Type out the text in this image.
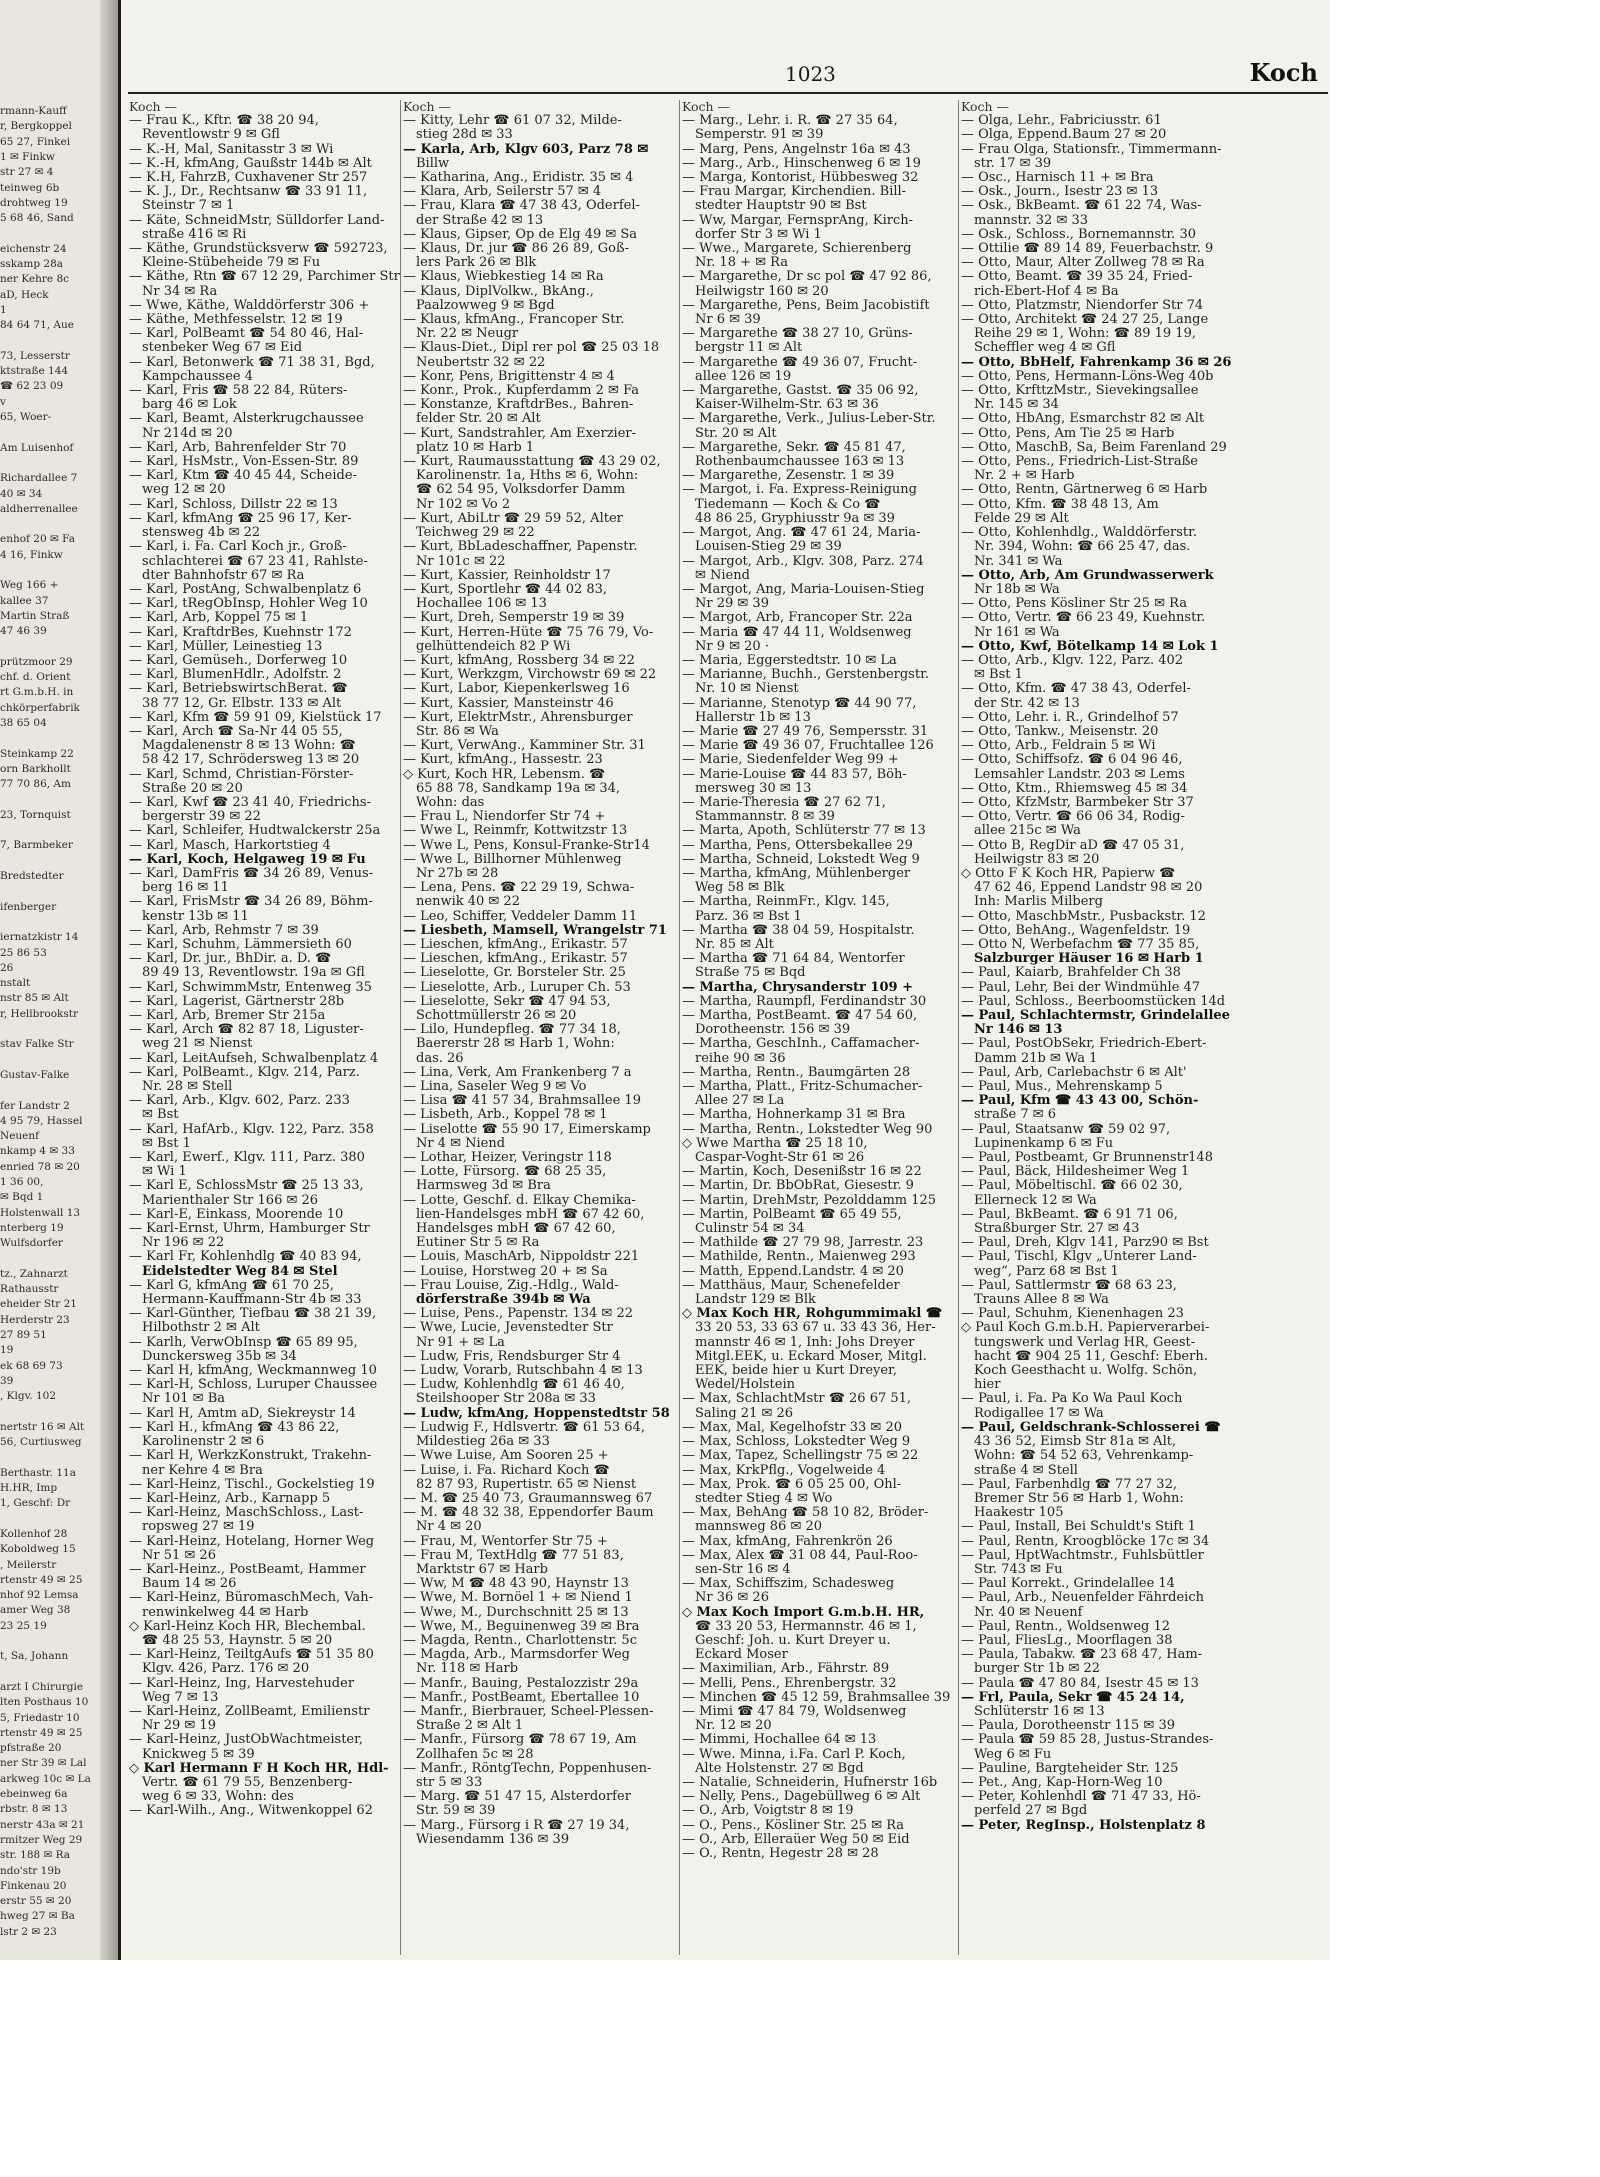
rmann-Kauff
r, Bergkoppel
65 27, Finkei
1 ✉ Finkw
str 27 ✉ 4
teinweg 6b
drohtweg 19
5 68 46, Sand
eichenstr 24
sskamp 28a
ner Kehre 8c
aD, Heck
1
84 64 71, Aue
73, Lesserstr
ktstraße 144
☎ 62 23 09
v
65, Woer-
Am Luisenhof
Richardallee 7
40 ✉ 34
aldherrenallee
enhof 20 ✉ Fa
4 16, Finkw
Weg 166 +
kallee 37
Martin Straß
47 46 39
prützmoor 29
chf. d. Orient
rt G.m.b.H. in
chkörperfabrik
38 65 04
Steinkamp 22
orn Barkhollt
77 70 86, Am
23, Tornquist
7, Barmbeker
Bredstedter
ifenberger
iernatzkistr 14
25 86 53
26
nstalt
nstr 85 ✉ Alt
r, Hellbrookstr
stav Falke Str
Gustav-Falke
fer Landstr 2
4 95 79, Hassel
Neuenf
nkamp 4 ✉ 33
enried 78 ✉ 20
1 36 00,
✉ Bqd 1
Holstenwall 13
nterberg 19
Wulfsdorfer
tz., Zahnarzt
Rathausstr
eheider Str 21
Herderstr 23
27 89 51
19
ek 68 69 73
39
, Klgv. 102
nertstr 16 ✉ Alt
56, Curtiusweg
Berthastr. 11a
H.HR, Imp
1, Geschf: Dr
Kollenhof 28
Koboldweg 15
, Meilerstr
rtenstr 49 ✉ 25
nhof 92 Lemsa
amer Weg 38
23 25 19
t, Sa, Johann
arzt I Chirurgie
lten Posthaus 10
5, Friedastr 10
rtenstr 49 ✉ 25
pfstraße 20
ner Str 39 ✉ Lal
arkweg 10c ✉ La
ebeinweg 6a
rbstr. 8 ✉ 13
nerstr 43a ✉ 21
rmitzer Weg 29
str. 188 ✉ Ra
ndo'str 19b
Finkenau 20
erstr 55 ✉ 20
hweg 27 ✉ Ba
lstr 2 ✉ 23
1023	Koch
Koch —
— Frau K., Kftr. ☎ 38 20 94,
Reventlowstr 9 ✉ Gfl
— K.-H, Mal, Sanitasstr 3 ✉ Wi
— K.-H, kfmAng, Gaußstr 144b ✉ Alt
— K.H, FahrzB, Cuxhavener Str 257
— K. J., Dr., Rechtsanw ☎ 33 91 11,
Steinstr 7 ✉ 1
— Käte, SchneidMstr, Sülldorfer Land-
straße 416 ✉ Ri
— Käthe, Grundstücksverw ☎ 592723,
Kleine-Stübeheide 79 ✉ Fu
— Käthe, Rtn ☎ 67 12 29, Parchimer Str
Nr 34 ✉ Ra
— Wwe, Käthe, Walddörferstr 306 +
— Käthe, Methfesselstr. 12 ✉ 19
— Karl, PolBeamt ☎ 54 80 46, Hal-
stenbeker Weg 67 ✉ Eid
— Karl, Betonwerk ☎ 71 38 31, Bgd,
Kampchaussee 4
— Karl, Fris ☎ 58 22 84, Rüters-
barg 46 ✉ Lok
— Karl, Beamt, Alsterkrugchaussee
Nr 214d ✉ 20
— Karl, Arb, Bahrenfelder Str 70
— Karl, HsMstr., Von-Essen-Str. 89
— Karl, Ktm ☎ 40 45 44, Scheide-
weg 12 ✉ 20
— Karl, Schloss, Dillstr 22 ✉ 13
— Karl, kfmAng ☎ 25 96 17, Ker-
stensweg 4b ✉ 22
— Karl, i. Fa. Carl Koch jr., Groß-
schlachterei ☎ 67 23 41, Rahlste-
dter Bahnhofstr 67 ✉ Ra
— Karl, PostAng, Schwalbenplatz 6
— Karl, tRegObInsp, Hohler Weg 10
— Karl, Arb, Koppel 75 ✉ 1
— Karl, KraftdrBes, Kuehnstr 172
— Karl, Müller, Leinestieg 13
— Karl, Gemüseh., Dorferweg 10
— Karl, BlumenHdlr., Adolfstr. 2
— Karl, BetriebswirtschBerat. ☎
38 77 12, Gr. Elbstr. 133 ✉ Alt
— Karl, Kfm ☎ 59 91 09, Kielstück 17
— Karl, Arch ☎ Sa-Nr 44 05 55,
Magdalenenstr 8 ✉ 13 Wohn: ☎
58 42 17, Schrödersweg 13 ✉ 20
— Karl, Schmd, Christian-Förster-
Straße 20 ✉ 20
— Karl, Kwf ☎ 23 41 40, Friedrichs-
bergerstr 39 ✉ 22
— Karl, Schleifer, Hudtwalckerstr 25a
— Karl, Masch, Harkortstieg 4
— Karl, Koch, Helgaweg 19 ✉ Fu
— Karl, DamFris ☎ 34 26 89, Venus-
berg 16 ✉ 11
— Karl, FrisMstr ☎ 34 26 89, Böhm-
kenstr 13b ✉ 11
— Karl, Arb, Rehmstr 7 ✉ 39
— Karl, Schuhm, Lämmersieth 60
— Karl, Dr. jur., BhDir. a. D. ☎
89 49 13, Reventlowstr. 19a ✉ Gfl
— Karl, SchwimmMstr, Entenweg 35
— Karl, Lagerist, Gärtnerstr 28b
— Karl, Arb, Bremer Str 215a
— Karl, Arch ☎ 82 87 18, Liguster-
weg 21 ✉ Nienst
— Karl, LeitAufseh, Schwalbenplatz 4
— Karl, PolBeamt., Klgv. 214, Parz.
Nr. 28 ✉ Stell
— Karl, Arb., Klgv. 602, Parz. 233
✉ Bst
— Karl, HafArb., Klgv. 122, Parz. 358
✉ Bst 1
— Karl, Ewerf., Klgv. 111, Parz. 380
✉ Wi 1
— Karl E, SchlossMstr ☎ 25 13 33,
Marienthaler Str 166 ✉ 26
— Karl-E, Einkass, Moorende 10
— Karl-Ernst, Uhrm, Hamburger Str
Nr 196 ✉ 22
— Karl Fr, Kohlenhdlg ☎ 40 83 94,
Eidelstedter Weg 84 ✉ Stel
— Karl G, kfmAng ☎ 61 70 25,
Hermann-Kauffmann-Str 4b ✉ 33
— Karl-Günther, Tiefbau ☎ 38 21 39,
Hilbothstr 2 ✉ Alt
— Karlh, VerwObInsp ☎ 65 89 95,
Dunckersweg 35b ✉ 34
— Karl H, kfmAng, Weckmannweg 10
— Karl-H, Schloss, Luruper Chaussee
Nr 101 ✉ Ba
— Karl H, Amtm aD, Siekreystr 14
— Karl H., kfmAng ☎ 43 86 22,
Karolinenstr 2 ✉ 6
— Karl H, WerkzKonstrukt, Trakehn-
ner Kehre 4 ✉ Bra
— Karl-Heinz, Tischl., Gockelstieg 19
— Karl-Heinz, Arb., Karnapp 5
— Karl-Heinz, MaschSchloss., Last-
ropsweg 27 ✉ 19
— Karl-Heinz, Hotelang, Horner Weg
Nr 51 ✉ 26
— Karl-Heinz., PostBeamt, Hammer
Baum 14 ✉ 26
— Karl-Heinz, BüromaschMech, Vah-
renwinkelweg 44 ✉ Harb
◇ Karl-Heinz Koch HR, Blechembal.
☎ 48 25 53, Haynstr. 5 ✉ 20
— Karl-Heinz, TeiltgAufs ☎ 51 35 80
Klgv. 426, Parz. 176 ✉ 20
— Karl-Heinz, Ing, Harvestehuder
Weg 7 ✉ 13
— Karl-Heinz, ZollBeamt, Emilienstr
Nr 29 ✉ 19
— Karl-Heinz, JustObWachtmeister,
Knickweg 5 ✉ 39
◇ Karl Hermann F H Koch HR, Hdl-
Vertr. ☎ 61 79 55, Benzenberg-
weg 6 ✉ 33, Wohn: des
— Karl-Wilh., Ang., Witwenkoppel 62
Koch —
— Kitty, Lehr ☎ 61 07 32, Milde-
stieg 28d ✉ 33
— Karla, Arb, Klgv 603, Parz 78 ✉
Billw
— Katharina, Ang., Eridistr. 35 ✉ 4
— Klara, Arb, Seilerstr 57 ✉ 4
— Frau, Klara ☎ 47 38 43, Oderfel-
der Straße 42 ✉ 13
— Klaus, Gipser, Op de Elg 49 ✉ Sa
— Klaus, Dr. jur ☎ 86 26 89, Goß-
lers Park 26 ✉ Blk
— Klaus, Wiebkestieg 14 ✉ Ra
— Klaus, DiplVolkw., BkAng.,
Paalzowweg 9 ✉ Bgd
— Klaus, kfmAng., Francoper Str.
Nr. 22 ✉ Neugr
— Klaus-Diet., Dipl rer pol ☎ 25 03 18
Neubertstr 32 ✉ 22
— Konr, Pens, Brigittenstr 4 ✉ 4
— Konr., Prok., Kupferdamm 2 ✉ Fa
— Konstanze, KraftdrBes., Bahren-
felder Str. 20 ✉ Alt
— Kurt, Sandstrahler, Am Exerzier-
platz 10 ✉ Harb 1
— Kurt, Raumausstattung ☎ 43 29 02,
Karolinenstr. 1a, Hths ✉ 6, Wohn:
☎ 62 54 95, Volksdorfer Damm
Nr 102 ✉ Vo 2
— Kurt, AbiLtr ☎ 29 59 52, Alter
Teichweg 29 ✉ 22
— Kurt, BbLadeschaffner, Papenstr.
Nr 101c ✉ 22
— Kurt, Kassier, Reinholdstr 17
— Kurt, Sportlehr ☎ 44 02 83,
Hochallee 106 ✉ 13
— Kurt, Dreh, Semperstr 19 ✉ 39
— Kurt, Herren-Hüte ☎ 75 76 79, Vo-
gelhüttendeich 82 P Wi
— Kurt, kfmAng, Rossberg 34 ✉ 22
— Kurt, Werkzgm, Virchowstr 69 ✉ 22
— Kurt, Labor, Kiepenkerlsweg 16
— Kurt, Kassier, Mansteinstr 46
— Kurt, ElektrMstr., Ahrensburger
Str. 86 ✉ Wa
— Kurt, VerwAng., Kamminer Str. 31
— Kurt, kfmAng., Hassestr. 23
◇ Kurt, Koch HR, Lebensm. ☎
65 88 78, Sandkamp 19a ✉ 34,
Wohn: das
— Frau L, Niendorfer Str 74 +
— Wwe L, Reinmfr, Kottwitzstr 13
— Wwe L, Pens, Konsul-Franke-Str14
— Wwe L, Billhorner Mühlenweg
Nr 27b ✉ 28
— Lena, Pens. ☎ 22 29 19, Schwa-
nenwik 40 ✉ 22
— Leo, Schiffer, Veddeler Damm 11
— Liesbeth, Mamsell, Wrangelstr 71
— Lieschen, kfmAng., Erikastr. 57
— Lieschen, kfmAng., Erikastr. 57
— Lieselotte, Gr. Borsteler Str. 25
— Lieselotte, Arb., Luruper Ch. 53
— Lieselotte, Sekr ☎ 47 94 53,
Schottmüllerstr 26 ✉ 20
— Lilo, Hundepfleg. ☎ 77 34 18,
Baererstr 28 ✉ Harb 1, Wohn:
das. 26
— Lina, Verk, Am Frankenberg 7 a
— Lina, Saseler Weg 9 ✉ Vo
— Lisa ☎ 41 57 34, Brahmsallee 19
— Lisbeth, Arb., Koppel 78 ✉ 1
— Liselotte ☎ 55 90 17, Eimerskamp
Nr 4 ✉ Niend
— Lothar, Heizer, Veringstr 118
— Lotte, Fürsorg. ☎ 68 25 35,
Harmsweg 3d ✉ Bra
— Lotte, Geschf. d. Elkay Chemika-
lien-Handelsges mbH ☎ 67 42 60,
Handelsges mbH ☎ 67 42 60,
Eutiner Str 5 ✉ Ra
— Louis, MaschArb, Nippoldstr 221
— Louise, Horstweg 20 + ✉ Sa
— Frau Louise, Zig.-Hdlg., Wald-
dörferstraße 394b ✉ Wa
— Luise, Pens., Papenstr. 134 ✉ 22
— Wwe, Lucie, Jevenstedter Str
Nr 91 + ✉ La
— Ludw, Fris, Rendsburger Str 4
— Ludw, Vorarb, Rutschbahn 4 ✉ 13
— Ludw, Kohlenhdlg ☎ 61 46 40,
Steilshooper Str 208a ✉ 33
— Ludw, kfmAng, Hoppenstedtstr 58
— Ludwig F., Hdlsvertr. ☎ 61 53 64,
Mildestieg 26a ✉ 33
— Wwe Luise, Am Sooren 25 +
— Luise, i. Fa. Richard Koch ☎
82 87 93, Rupertistr. 65 ✉ Nienst
— M. ☎ 25 40 73, Graumannsweg 67
— M. ☎ 48 32 38, Eppendorfer Baum
Nr 4 ✉ 20
— Frau, M, Wentorfer Str 75 +
— Frau M, TextHdlg ☎ 77 51 83,
Marktstr 67 ✉ Harb
— Ww, M ☎ 48 43 90, Haynstr 13
— Wwe, M. Bornöel 1 + ✉ Niend 1
— Wwe, M., Durchschnitt 25 ✉ 13
— Wwe, M., Beguinenweg 39 ✉ Bra
— Magda, Rentn., Charlottenstr. 5c
— Magda, Arb., Marmsdorfer Weg
Nr. 118 ✉ Harb
— Manfr., Bauing, Pestalozzistr 29a
— Manfr., PostBeamt, Ebertallee 10
— Manfr., Bierbrauer, Scheel-Plessen-
Straße 2 ✉ Alt 1
— Manfr., Fürsorg ☎ 78 67 19, Am
Zollhafen 5c ✉ 28
— Manfr., RöntgTechn, Poppenhusen-
str 5 ✉ 33
— Marg. ☎ 51 47 15, Alsterdorfer
Str. 59 ✉ 39
— Marg., Fürsorg i R ☎ 27 19 34,
Wiesendamm 136 ✉ 39
Koch —
— Marg., Lehr. i. R. ☎ 27 35 64,
Semperstr. 91 ✉ 39
— Marg, Pens, Angelnstr 16a ✉ 43
— Marg., Arb., Hinschenweg 6 ✉ 19
— Marga, Kontorist, Hübbesweg 32
— Frau Margar, Kirchendien. Bill-
stedter Hauptstr 90 ✉ Bst
— Ww, Margar, FernsprAng, Kirch-
dorfer Str 3 ✉ Wi 1
— Wwe., Margarete, Schierenberg
Nr. 18 + ✉ Ra
— Margarethe, Dr sc pol ☎ 47 92 86,
Heilwigstr 160 ✉ 20
— Margarethe, Pens, Beim Jacobistift
Nr 6 ✉ 39
— Margarethe ☎ 38 27 10, Grüns-
bergstr 11 ✉ Alt
— Margarethe ☎ 49 36 07, Frucht-
allee 126 ✉ 19
— Margarethe, Gastst. ☎ 35 06 92,
Kaiser-Wilhelm-Str. 63 ✉ 36
— Margarethe, Verk., Julius-Leber-Str.
Str. 20 ✉ Alt
— Margarethe, Sekr. ☎ 45 81 47,
Rothenbaumchaussee 163 ✉ 13
— Margarethe, Zesenstr. 1 ✉ 39
— Margot, i. Fa. Express-Reinigung
Tiedemann — Koch & Co ☎
48 86 25, Gryphiusstr 9a ✉ 39
— Margot, Ang. ☎ 47 61 24, Maria-
Louisen-Stieg 29 ✉ 39
— Margot, Arb., Klgv. 308, Parz. 274
✉ Niend
— Margot, Ang, Maria-Louisen-Stieg
Nr 29 ✉ 39
— Margot, Arb, Francoper Str. 22a
— Maria ☎ 47 44 11, Woldsenweg
Nr 9 ✉ 20 ·
— Maria, Eggerstedtstr. 10 ✉ La
— Marianne, Buchh., Gerstenbergstr.
Nr. 10 ✉ Nienst
— Marianne, Stenotyp ☎ 44 90 77,
Hallerstr 1b ✉ 13
— Marie ☎ 27 49 76, Sempersstr. 31
— Marie ☎ 49 36 07, Fruchtallee 126
— Marie, Siedenfelder Weg 99 +
— Marie-Louise ☎ 44 83 57, Böh-
mersweg 30 ✉ 13
— Marie-Theresia ☎ 27 62 71,
Stammannstr. 8 ✉ 39
— Marta, Apoth, Schlüterstr 77 ✉ 13
— Martha, Pens, Ottersbekallee 29
— Martha, Schneid, Lokstedt Weg 9
— Martha, kfmAng, Mühlenberger
Weg 58 ✉ Blk
— Martha, ReinmFr., Klgv. 145,
Parz. 36 ✉ Bst 1
— Martha ☎ 38 04 59, Hospitalstr.
Nr. 85 ✉ Alt
— Martha ☎ 71 64 84, Wentorfer
Straße 75 ✉ Bqd
— Martha, Chrysanderstr 109 +
— Martha, Raumpfl, Ferdinandstr 30
— Martha, PostBeamt. ☎ 47 54 60,
Dorotheenstr. 156 ✉ 39
— Martha, GeschInh., Caffamacher-
reihe 90 ✉ 36
— Martha, Rentn., Baumgärten 28
— Martha, Platt., Fritz-Schumacher-
Allee 27 ✉ La
— Martha, Hohnerkamp 31 ✉ Bra
— Martha, Rentn., Lokstedter Weg 90
◇ Wwe Martha ☎ 25 18 10,
Caspar-Voght-Str 61 ✉ 26
— Martin, Koch, Desenißstr 16 ✉ 22
— Martin, Dr. BbObRat, Giesestr. 9
— Martin, DrehMstr, Pezolddamm 125
— Martin, PolBeamt ☎ 65 49 55,
Culinstr 54 ✉ 34
— Mathilde ☎ 27 79 98, Jarrestr. 23
— Mathilde, Rentn., Maienweg 293
— Matth, Eppend.Landstr. 4 ✉ 20
— Matthäus, Maur, Schenefelder
Landstr 129 ✉ Blk
◇ Max Koch HR, Rohgummimakl ☎
33 20 53, 33 63 67 u. 33 43 36, Her-
mannstr 46 ✉ 1, Inh: Johs Dreyer
Mitgl.EEK, u. Eckard Moser, Mitgl.
EEK, beide hier u Kurt Dreyer,
Wedel/Holstein
— Max, SchlachtMstr ☎ 26 67 51,
Saling 21 ✉ 26
— Max, Mal, Kegelhofstr 33 ✉ 20
— Max, Schloss, Lokstedter Weg 9
— Max, Tapez, Schellingstr 75 ✉ 22
— Max, KrkPflg., Vogelweide 4
— Max, Prok. ☎ 6 05 25 00, Ohl-
stedter Stieg 4 ✉ Wo
— Max, BehAng ☎ 58 10 82, Bröder-
mannsweg 86 ✉ 20
— Max, kfmAng, Fahrenkrön 26
— Max, Alex ☎ 31 08 44, Paul-Roo-
sen-Str 16 ✉ 4
— Max, Schiffszim, Schadesweg
Nr 36 ✉ 26
◇ Max Koch Import G.m.b.H. HR,
☎ 33 20 53, Hermannstr. 46 ✉ 1,
Geschf: Joh. u. Kurt Dreyer u.
Eckard Moser
— Maximilian, Arb., Fährstr. 89
— Melli, Pens., Ehrenbergstr. 32
— Minchen ☎ 45 12 59, Brahmsallee 39
— Mimi ☎ 47 84 79, Woldsenweg
Nr. 12 ✉ 20
— Mimmi, Hochallee 64 ✉ 13
— Wwe. Minna, i.Fa. Carl P. Koch,
Alte Holstenstr. 27 ✉ Bgd
— Natalie, Schneiderin, Hufnerstr 16b
— Nelly, Pens., Dagebüllweg 6 ✉ Alt
— O., Arb, Voigtstr 8 ✉ 19
— O., Pens., Kösliner Str. 25 ✉ Ra
— O., Arb, Elleraüer Weg 50 ✉ Eid
— O., Rentn, Hegestr 28 ✉ 28
Koch —
— Olga, Lehr., Fabriciusstr. 61
— Olga, Eppend.Baum 27 ✉ 20
— Frau Olga, Stationsfr., Timmermann-
str. 17 ✉ 39
— Osc., Harnisch 11 + ✉ Bra
— Osk., Journ., Isestr 23 ✉ 13
— Osk., BkBeamt. ☎ 61 22 74, Was-
mannstr. 32 ✉ 33
— Osk., Schloss., Bornemannstr. 30
— Ottilie ☎ 89 14 89, Feuerbachstr. 9
— Otto, Maur, Alter Zollweg 78 ✉ Ra
— Otto, Beamt. ☎ 39 35 24, Fried-
rich-Ebert-Hof 4 ✉ Ba
— Otto, Platzmstr, Niendorfer Str 74
— Otto, Architekt ☎ 24 27 25, Lange
Reihe 29 ✉ 1, Wohn: ☎ 89 19 19,
Scheffler weg 4 ✉ Gfl
— Otto, BbHelf, Fahrenkamp 36 ✉ 26
— Otto, Pens, Hermann-Löns-Weg 40b
— Otto, KrfttzMstr., Sievekingsallee
Nr. 145 ✉ 34
— Otto, HbAng, Esmarchstr 82 ✉ Alt
— Otto, Pens, Am Tie 25 ✉ Harb
— Otto, MaschB, Sa, Beim Farenland 29
— Otto, Pens., Friedrich-List-Straße
Nr. 2 + ✉ Harb
— Otto, Rentn, Gärtnerweg 6 ✉ Harb
— Otto, Kfm. ☎ 38 48 13, Am
Felde 29 ✉ Alt
— Otto, Kohlenhdlg., Walddörferstr.
Nr. 394, Wohn: ☎ 66 25 47, das.
Nr. 341 ✉ Wa
— Otto, Arb, Am Grundwasserwerk
Nr 18b ✉ Wa
— Otto, Pens Kösliner Str 25 ✉ Ra
— Otto, Vertr. ☎ 66 23 49, Kuehnstr.
Nr 161 ✉ Wa
— Otto, Kwf, Bötelkamp 14 ✉ Lok 1
— Otto, Arb., Klgv. 122, Parz. 402
✉ Bst 1
— Otto, Kfm. ☎ 47 38 43, Oderfel-
der Str. 42 ✉ 13
— Otto, Lehr. i. R., Grindelhof 57
— Otto, Tankw., Meisenstr. 20
— Otto, Arb., Feldrain 5 ✉ Wi
— Otto, Schiffsofz. ☎ 6 04 96 46,
Lemsahler Landstr. 203 ✉ Lems
— Otto, Ktm., Rhiemsweg 45 ✉ 34
— Otto, KfzMstr, Barmbeker Str 37
— Otto, Vertr. ☎ 66 06 34, Rodig-
allee 215c ✉ Wa
— Otto B, RegDir aD ☎ 47 05 31,
Heilwigstr 83 ✉ 20
◇ Otto F K Koch HR, Papierw ☎
47 62 46, Eppend Landstr 98 ✉ 20
Inh: Marlis Milberg
— Otto, MaschbMstr., Pusbackstr. 12
— Otto, BehAng., Wagenfeldstr. 19
— Otto N, Werbefachm ☎ 77 35 85,
Salzburger Häuser 16 ✉ Harb 1
— Paul, Kaiarb, Brahfelder Ch 38
— Paul, Lehr, Bei der Windmühle 47
— Paul, Schloss., Beerboomstücken 14d
— Paul, Schlachtermstr, Grindelallee
Nr 146 ✉ 13
— Paul, PostObSekr, Friedrich-Ebert-
Damm 21b ✉ Wa 1
— Paul, Arb, Carlebachstr 6 ✉ Alt'
— Paul, Mus., Mehrenskamp 5
— Paul, Kfm ☎ 43 43 00, Schön-
straße 7 ✉ 6
— Paul, Staatsanw ☎ 59 02 97,
Lupinenkamp 6 ✉ Fu
— Paul, Postbeamt, Gr Brunnenstr148
— Paul, Bäck, Hildesheimer Weg 1
— Paul, Möbeltischl. ☎ 66 02 30,
Ellerneck 12 ✉ Wa
— Paul, BkBeamt. ☎ 6 91 71 06,
Straßburger Str. 27 ✉ 43
— Paul, Dreh, Klgv 141, Parz90 ✉ Bst
— Paul, Tischl, Klgv „Unterer Land-
weg“, Parz 68 ✉ Bst 1
— Paul, Sattlermstr ☎ 68 63 23,
Trauns Allee 8 ✉ Wa
— Paul, Schuhm, Kienenhagen 23
◇ Paul Koch G.m.b.H. Papierverarbei-
tungswerk und Verlag HR, Geest-
hacht ☎ 904 25 11, Geschf: Eberh.
Koch Geesthacht u. Wolfg. Schön,
hier
— Paul, i. Fa. Pa Ko Wa Paul Koch
Rodigallee 17 ✉ Wa
— Paul, Geldschrank-Schlosserei ☎
43 36 52, Eimsb Str 81a ✉ Alt,
Wohn: ☎ 54 52 63, Vehrenkamp-
straße 4 ✉ Stell
— Paul, Farbenhdlg ☎ 77 27 32,
Bremer Str 56 ✉ Harb 1, Wohn:
Haakestr 105
— Paul, Install, Bei Schuldt's Stift 1
— Paul, Rentn, Kroogblöcke 17c ✉ 34
— Paul, HptWachtmstr., Fuhlsbüttler
Str. 743 ✉ Fu
— Paul Korrekt., Grindelallee 14
— Paul, Arb., Neuenfelder Fährdeich
Nr. 40 ✉ Neuenf
— Paul, Rentn., Woldsenweg 12
— Paul, FliesLg., Moorflagen 38
— Paula, Tabakw. ☎ 23 68 47, Ham-
burger Str 1b ✉ 22
— Paula ☎ 47 80 84, Isestr 45 ✉ 13
— Frl, Paula, Sekr ☎ 45 24 14,
Schlüterstr 16 ✉ 13
— Paula, Dorotheenstr 115 ✉ 39
— Paula ☎ 59 85 28, Justus-Strandes-
Weg 6 ✉ Fu
— Pauline, Bargteheider Str. 125
— Pet., Ang, Kap-Horn-Weg 10
— Peter, Kohlenhdl ☎ 71 47 33, Hö-
perfeld 27 ✉ Bgd
— Peter, RegInsp., Holstenplatz 8
